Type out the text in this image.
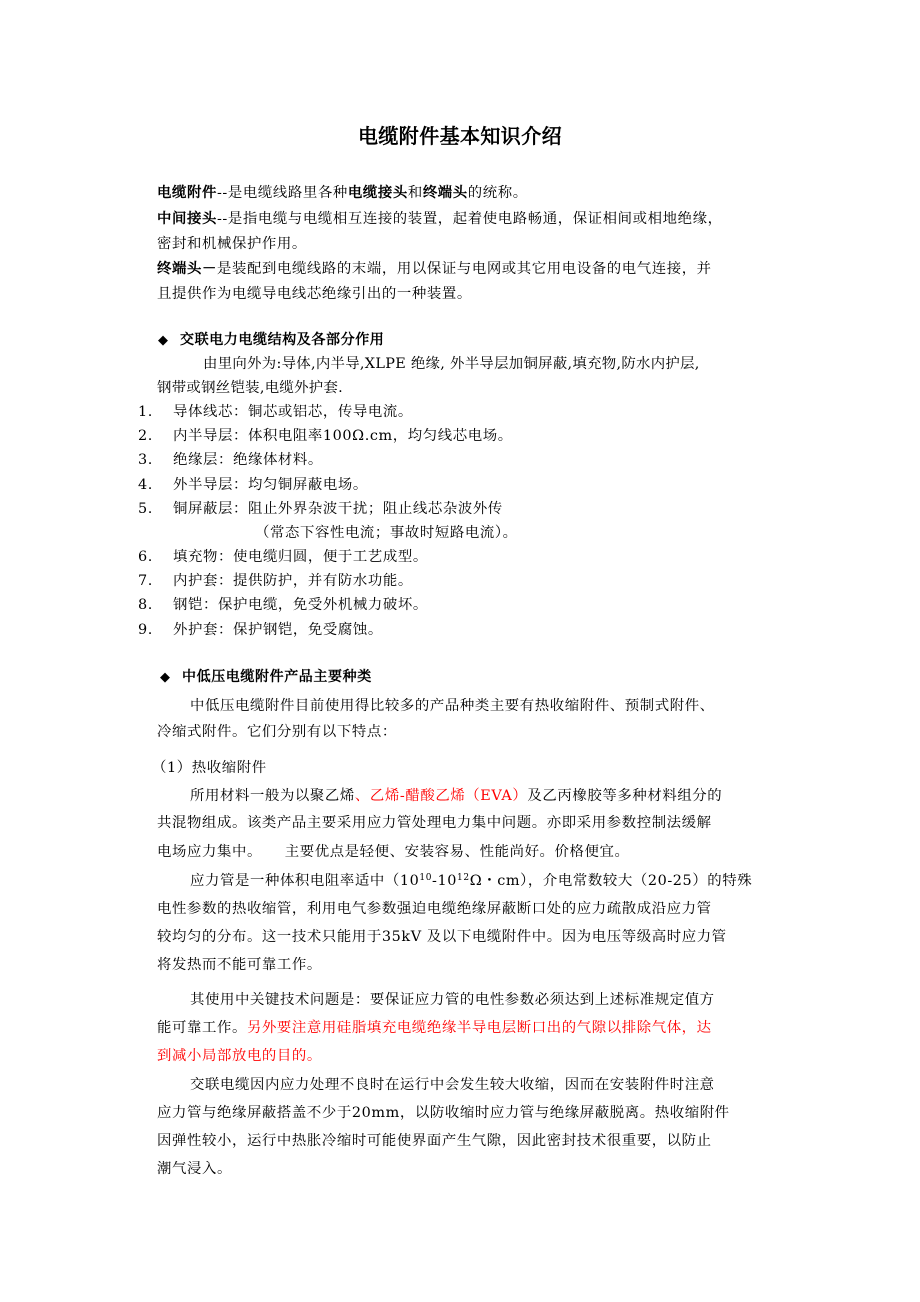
电缆附件基本知识介绍
电缆附件--是电缆线路里各种电缆接头和终端头的统称。
中间接头--是指电缆与电缆相互连接的装置，起着使电路畅通，保证相间或相地绝缘，
密封和机械保护作用。
终端头－是装配到电缆线路的末端，用以保证与电网或其它用电设备的电气连接，并
且提供作为电缆导电线芯绝缘引出的一种装置。
◆ 交联电力电缆结构及各部分作用
由里向外为:导体,内半导,XLPE 绝缘, 外半导层加铜屏蔽,填充物,防水内护层,
钢带或钢丝铠装,电缆外护套.
1. 导体线芯：铜芯或铝芯，传导电流。
2. 内半导层：体积电阻率100Ω.cm，均匀线芯电场。
3. 绝缘层：绝缘体材料。
4. 外半导层：均匀铜屏蔽电场。
5. 铜屏蔽层：阻止外界杂波干扰；阻止线芯杂波外传
（常态下容性电流；事故时短路电流）。
6. 填充物：使电缆归圆，便于工艺成型。
7. 内护套：提供防护，并有防水功能。
8. 钢铠：保护电缆，免受外机械力破坏。
9. 外护套：保护钢铠，免受腐蚀。
◆ 中低压电缆附件产品主要种类
中低压电缆附件目前使用得比较多的产品种类主要有热收缩附件、预制式附件、
冷缩式附件。它们分别有以下特点：
（1）热收缩附件
所用材料一般为以聚乙烯、乙烯-醋酸乙烯（EVA）及乙丙橡胶等多种材料组分的
共混物组成。该类产品主要采用应力管处理电力集中问题。亦即采用参数控制法缓解
电场应力集中。　　主要优点是轻便、安装容易、性能尚好。价格便宜。
应力管是一种体积电阻率适中（$10^{10}-10^{12}\Omega$・cm），介电常数较大（20-25）的特殊
电性参数的热收缩管，利用电气参数强迫电缆绝缘屏蔽断口处的应力疏散成沿应力管
较均匀的分布。这一技术只能用于35kV 及以下电缆附件中。因为电压等级高时应力管
将发热而不能可靠工作。
其使用中关键技术问题是：要保证应力管的电性参数必须达到上述标准规定值方
能可靠工作。另外要注意用硅脂填充电缆绝缘半导电层断口出的气隙以排除气体，达
到减小局部放电的目的。
交联电缆因内应力处理不良时在运行中会发生较大收缩，因而在安装附件时注意
应力管与绝缘屏蔽搭盖不少于20mm，以防收缩时应力管与绝缘屏蔽脱离。热收缩附件
因弹性较小，运行中热胀冷缩时可能使界面产生气隙，因此密封技术很重要，以防止
潮气浸入。
